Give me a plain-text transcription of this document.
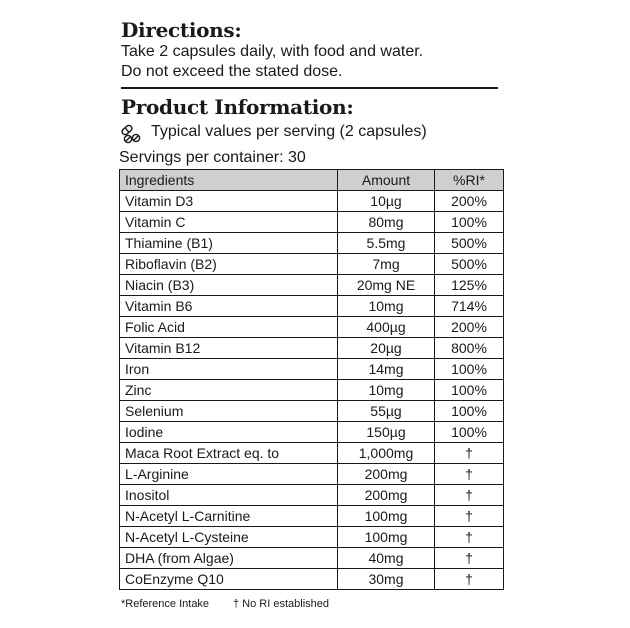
Directions:
Take 2 capsules daily, with food and water.
Do not exceed the stated dose.
Product Information:
Typical values per serving (2 capsules)
Servings per container: 30
Ingredients	Amount	%RI*
Vitamin D3	10µg	200%
Vitamin C	80mg	100%
Thiamine (B1)	5.5mg	500%
Riboflavin (B2)	7mg	500%
Niacin (B3)	20mg NE	125%
Vitamin B6	10mg	714%
Folic Acid	400µg	200%
Vitamin B12	20µg	800%
Iron	14mg	100%
Zinc	10mg	100%
Selenium	55µg	100%
Iodine	150µg	100%
Maca Root Extract eq. to	1,000mg	†
L-Arginine	200mg	†
Inositol	200mg	†
N-Acetyl L-Carnitine	100mg	†
N-Acetyl L-Cysteine	100mg	†
DHA (from Algae)	40mg	†
CoEnzyme Q10	30mg	†
*Reference Intake † No RI established
